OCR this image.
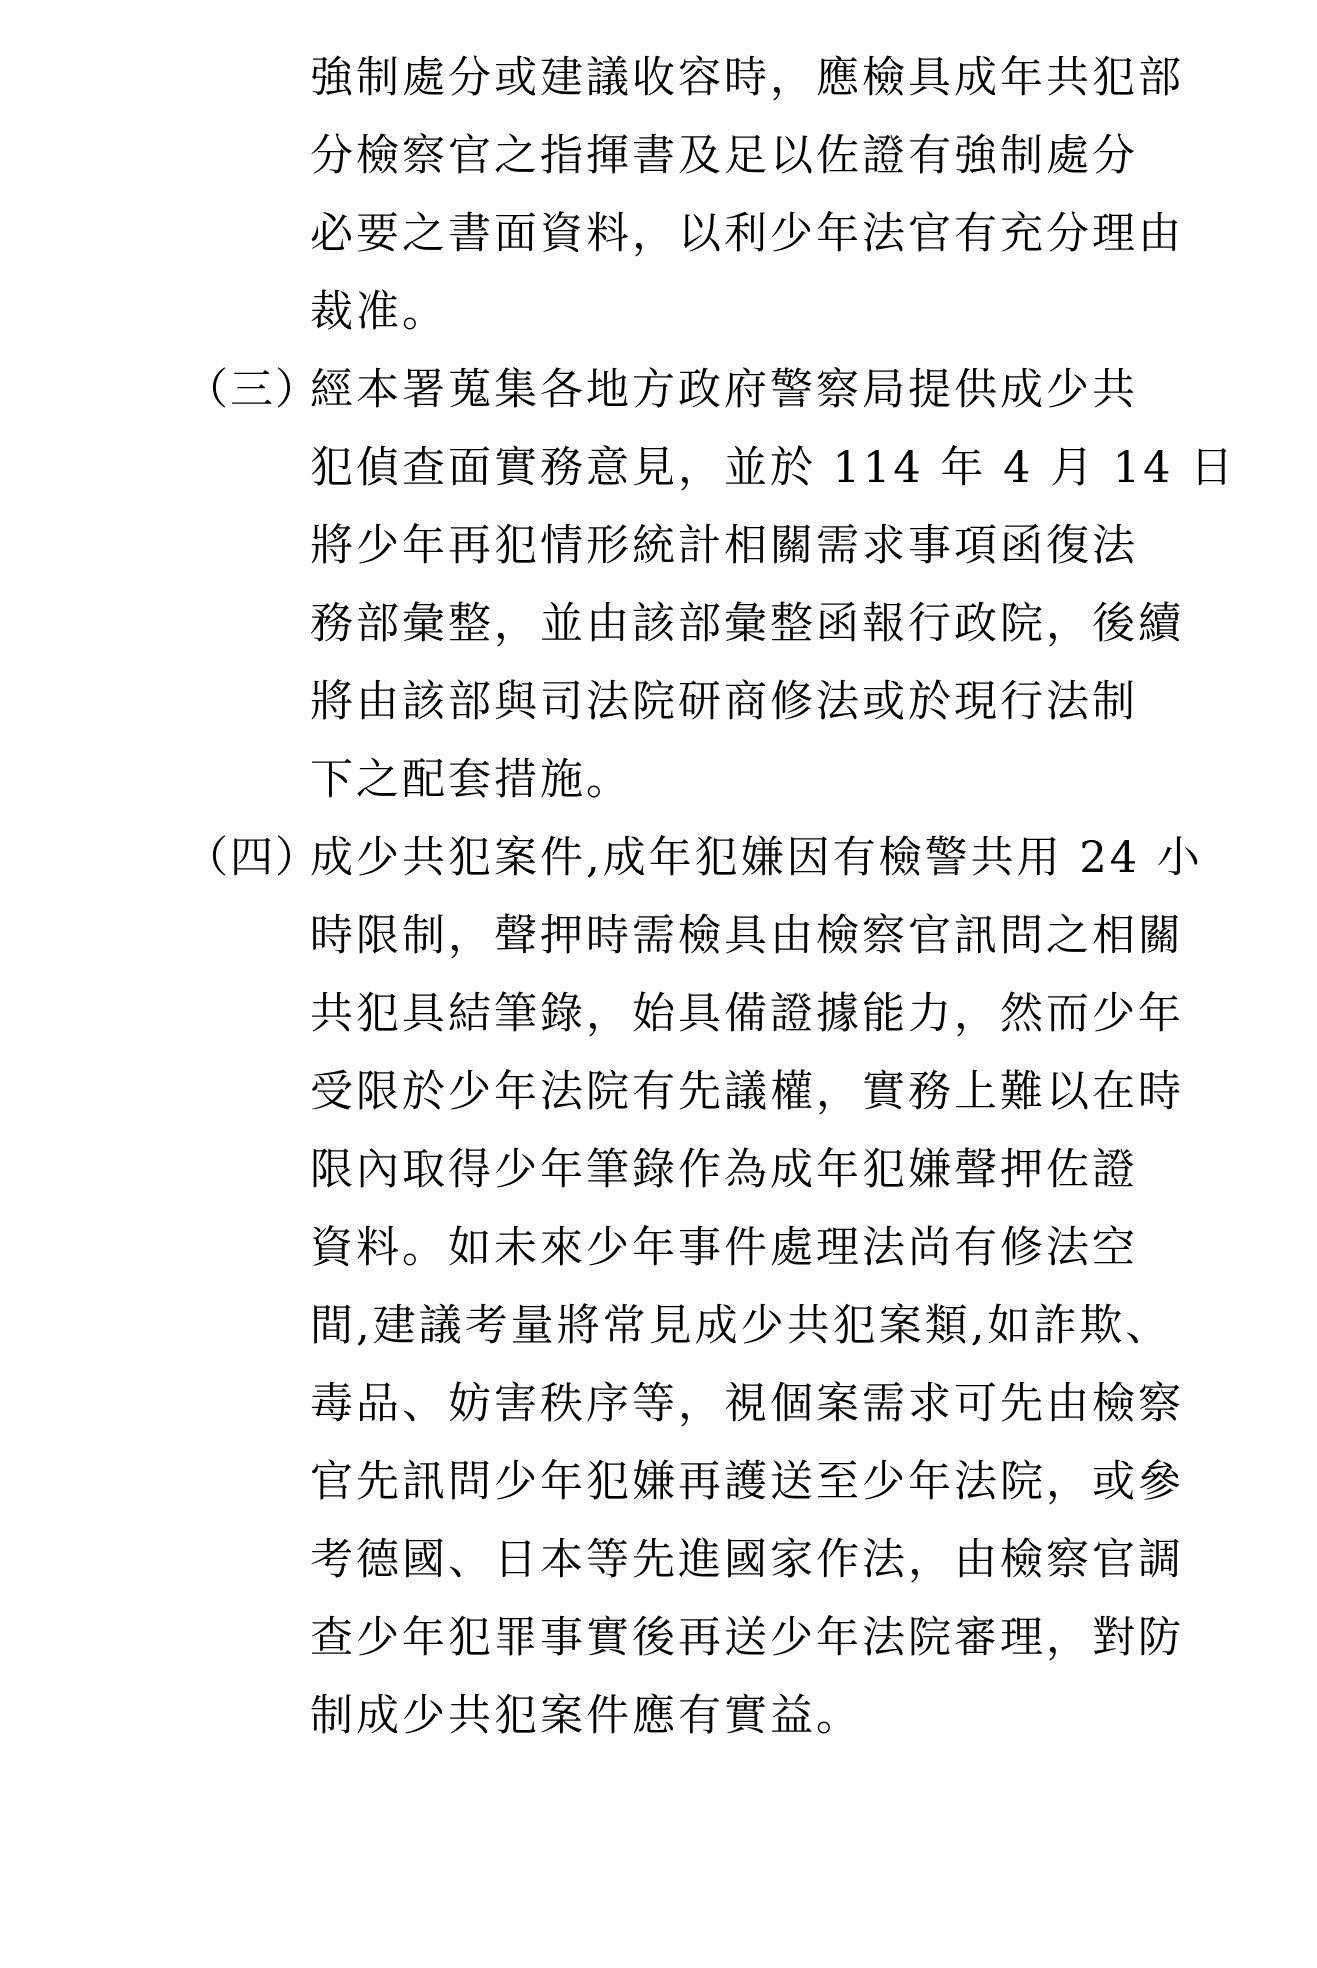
強制處分或建議收容時，應檢具成年共犯部
分檢察官之指揮書及足以佐證有強制處分
必要之書面資料，以利少年法官有充分理由
裁准。
（三）
經本署蒐集各地方政府警察局提供成少共
犯偵查面實務意見，並於 114 年 4 月 14 日
將少年再犯情形統計相關需求事項函復法
務部彙整，並由該部彙整函報行政院，後續
將由該部與司法院研商修法或於現行法制
下之配套措施。
（四）
成少共犯案件,成年犯嫌因有檢警共用 24 小
時限制，聲押時需檢具由檢察官訊問之相關
共犯具結筆錄，始具備證據能力，然而少年
受限於少年法院有先議權，實務上難以在時
限內取得少年筆錄作為成年犯嫌聲押佐證
資料。如未來少年事件處理法尚有修法空
間,建議考量將常見成少共犯案類,如詐欺、
毒品、妨害秩序等，視個案需求可先由檢察
官先訊問少年犯嫌再護送至少年法院，或參
考德國、日本等先進國家作法，由檢察官調
查少年犯罪事實後再送少年法院審理，對防
制成少共犯案件應有實益。
